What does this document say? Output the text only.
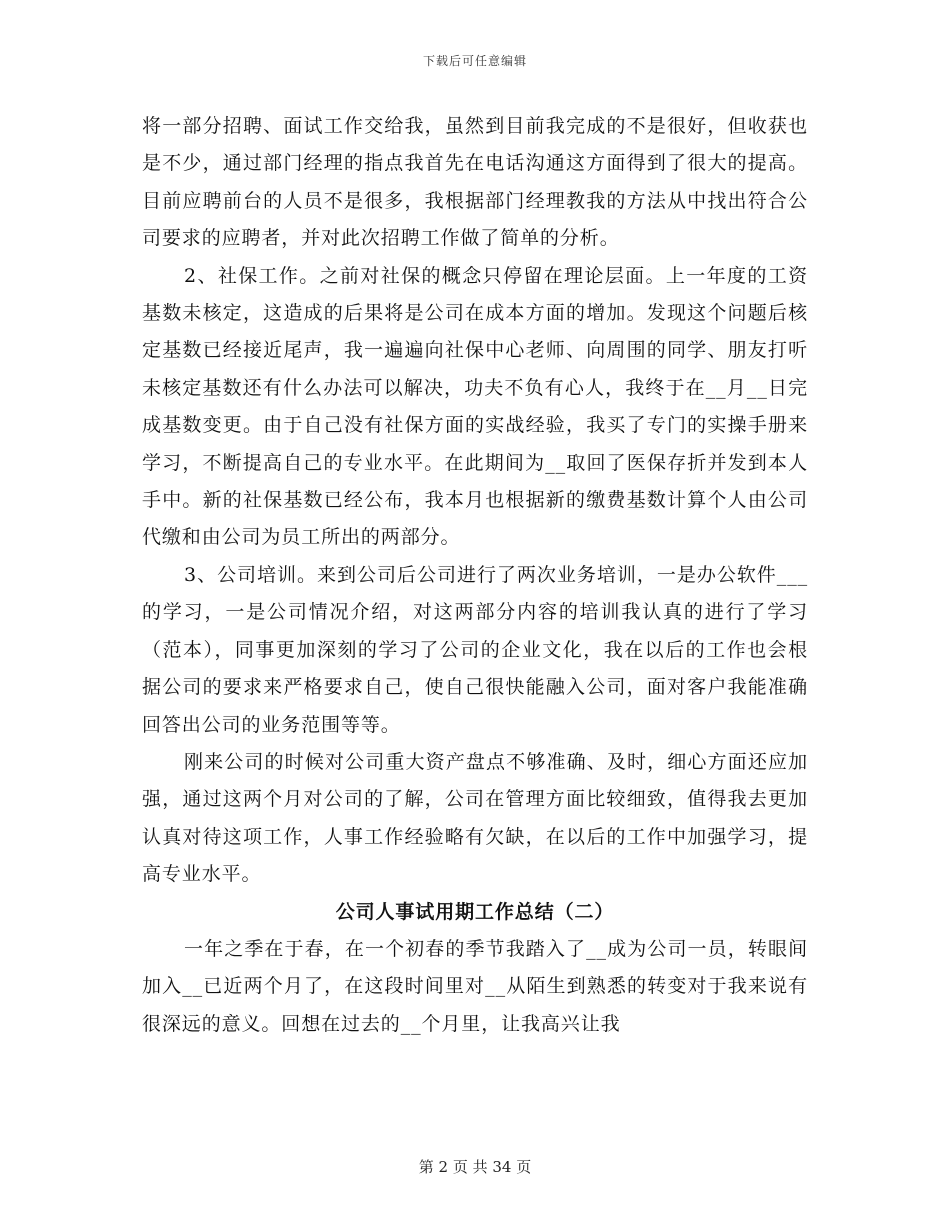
下载后可任意编辑

将一部分招聘、面试工作交给我，虽然到目前我完成的不是很好，但收获也是不少，通过部门经理的指点我首先在电话沟通这方面得到了很大的提高。目前应聘前台的人员不是很多，我根据部门经理教我的方法从中找出符合公司要求的应聘者，并对此次招聘工作做了简单的分析。

2、社保工作。之前对社保的概念只停留在理论层面。上一年度的工资基数未核定，这造成的后果将是公司在成本方面的增加。发现这个问题后核定基数已经接近尾声，我一遍遍向社保中心老师、向周围的同学、朋友打听未核定基数还有什么办法可以解决，功夫不负有心人，我终于在__月__日完成基数变更。由于自己没有社保方面的实战经验，我买了专门的实操手册来学习，不断提高自己的专业水平。在此期间为__取回了医保存折并发到本人手中。新的社保基数已经公布，我本月也根据新的缴费基数计算个人由公司代缴和由公司为员工所出的两部分。

3、公司培训。来到公司后公司进行了两次业务培训，一是办公软件___的学习，一是公司情况介绍，对这两部分内容的培训我认真的进行了学习（范本），同事更加深刻的学习了公司的企业文化，我在以后的工作也会根据公司的要求来严格要求自己，使自己很快能融入公司，面对客户我能准确回答出公司的业务范围等等。

刚来公司的时候对公司重大资产盘点不够准确、及时，细心方面还应加强，通过这两个月对公司的了解，公司在管理方面比较细致，值得我去更加认真对待这项工作，人事工作经验略有欠缺，在以后的工作中加强学习，提高专业水平。

公司人事试用期工作总结（二）

一年之季在于春，在一个初春的季节我踏入了__成为公司一员，转眼间加入__已近两个月了，在这段时间里对__从陌生到熟悉的转变对于我来说有很深远的意义。回想在过去的__个月里，让我高兴让我

第 2 页 共 34 页
